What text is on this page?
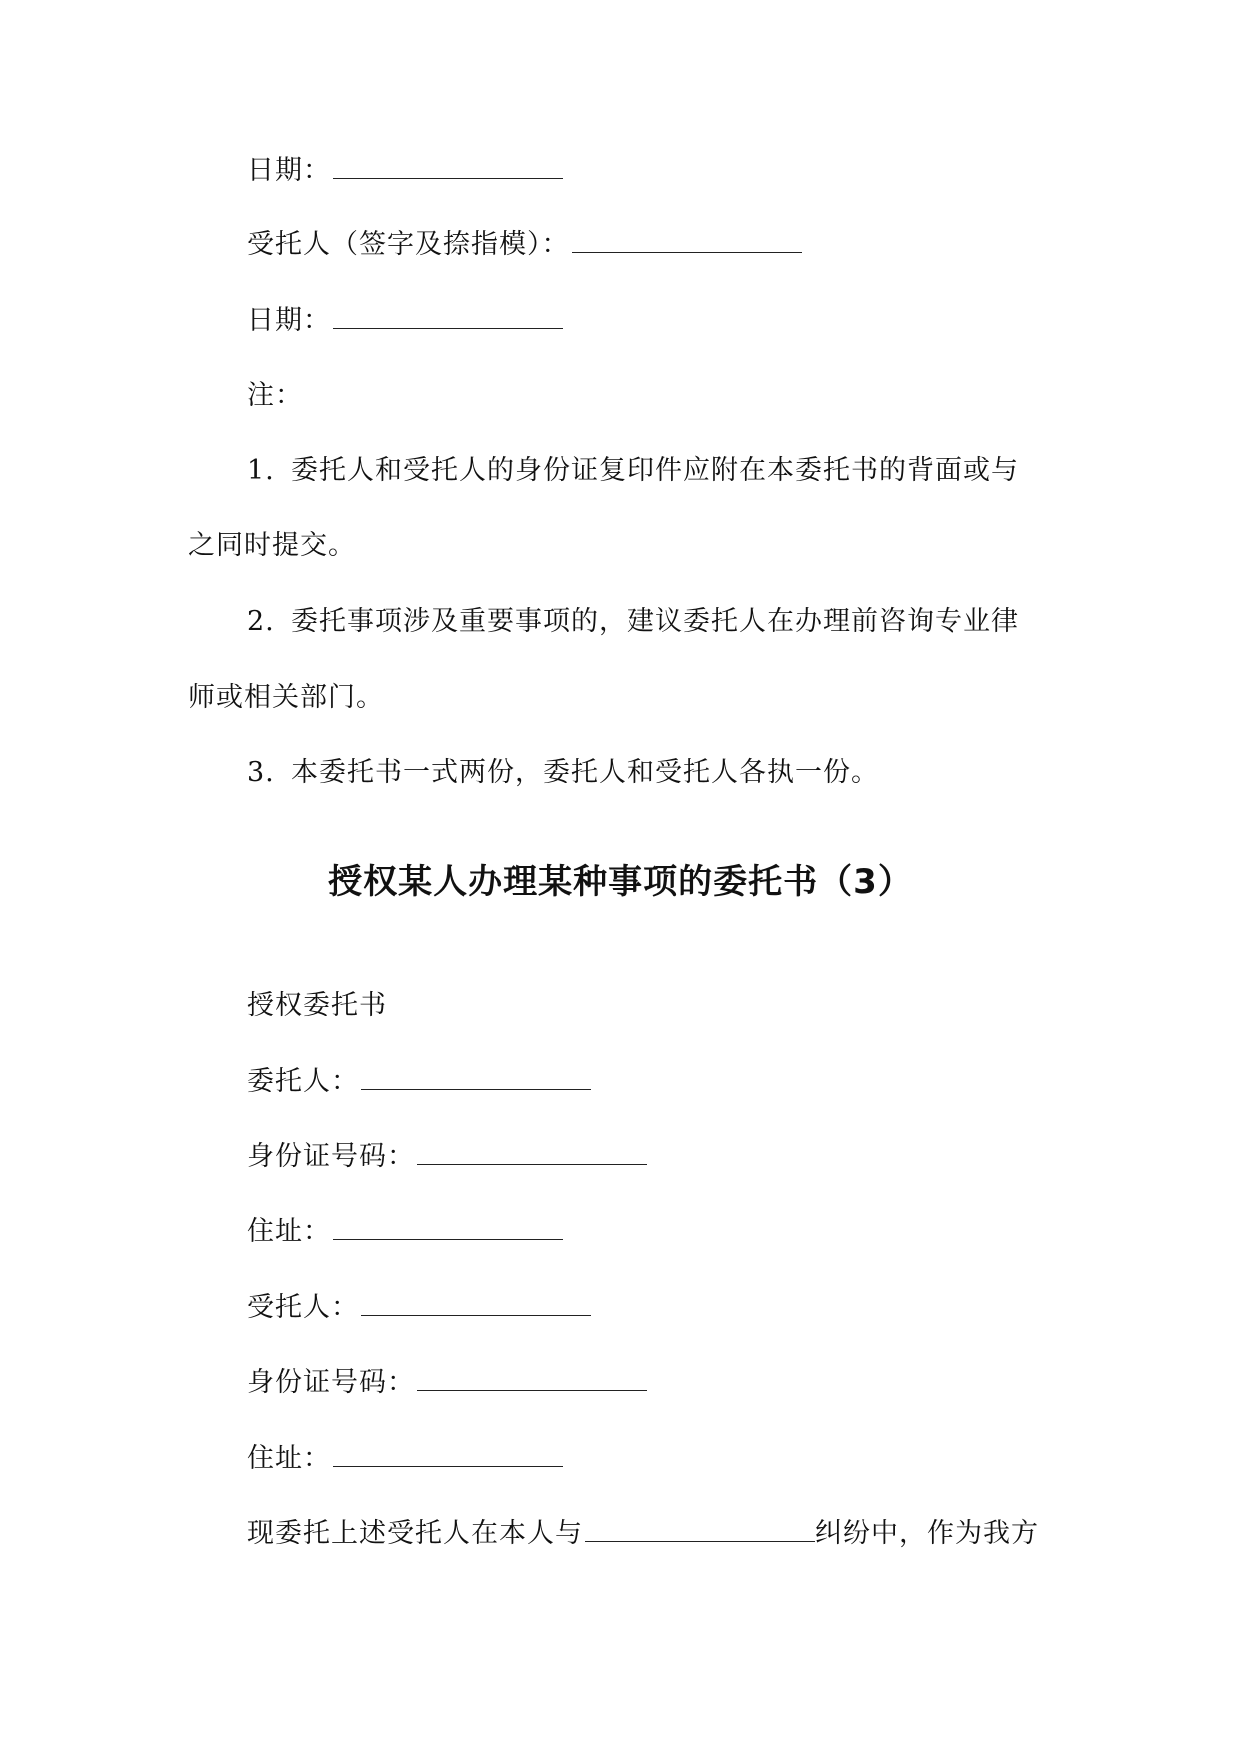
日期：
受托人（签字及捺指模）：
日期：
注：
1. 委托人和受托人的身份证复印件应附在本委托书的背面或与
之同时提交。
2. 委托事项涉及重要事项的，建议委托人在办理前咨询专业律
师或相关部门。
3. 本委托书一式两份，委托人和受托人各执一份。
授权某人办理某种事项的委托书（3）
授权委托书
委托人：
身份证号码：
住址：
受托人：
身份证号码：
住址：
现委托上述受托人在本人与	纠纷中，作为我方
